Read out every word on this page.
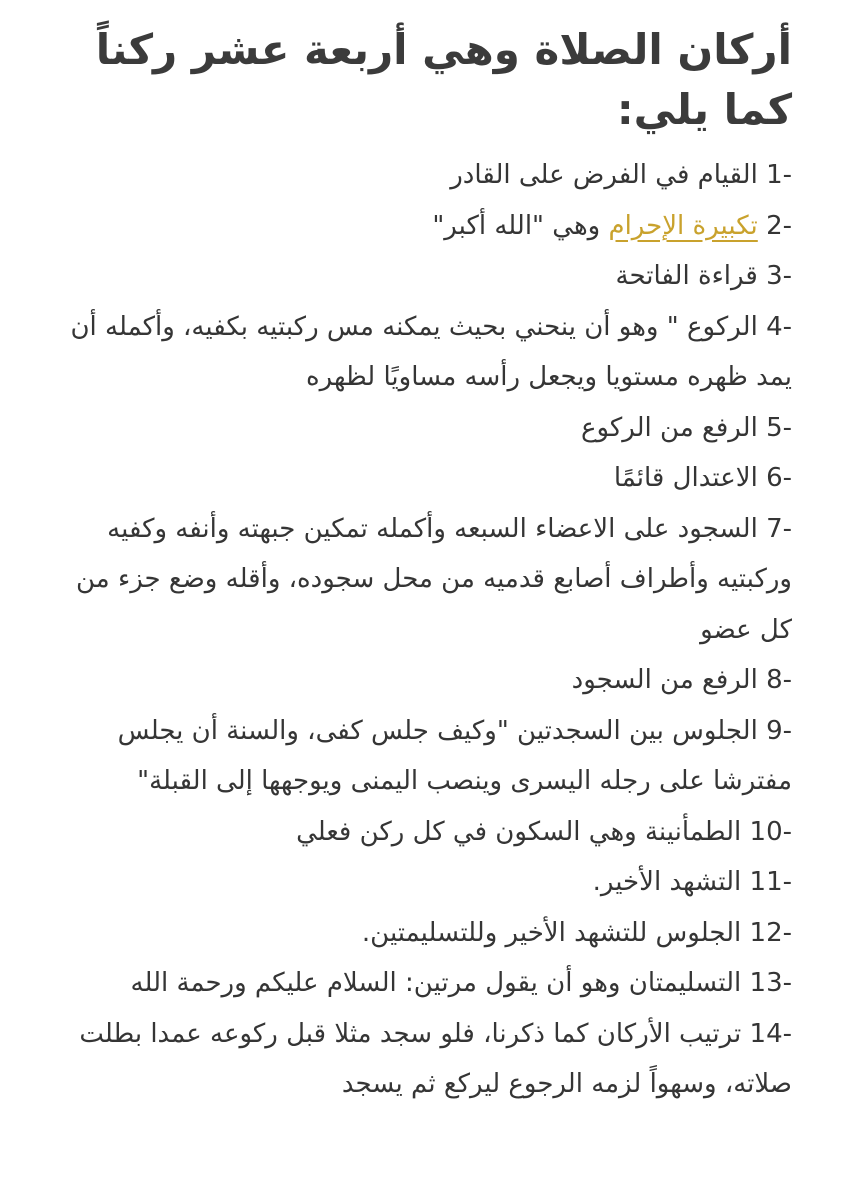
أركان الصلاة وهي أربعة عشر ركناً كما يلي:
1- القيام في الفرض على القادر
2- تكبيرة الإحرام وهي "الله أكبر"
3- قراءة الفاتحة
4- الركوع " وهو أن ينحني بحيث يمكنه مس ركبتيه بكفيه، وأكمله أن يمد ظهره مستويا ويجعل رأسه مساويًا لظهره
5- الرفع من الركوع
6- الاعتدال قائمًا
7- السجود على الاعضاء السبعه وأكمله تمكين جبهته وأنفه وكفيه وركبتيه وأطراف أصابع قدميه من محل سجوده، وأقله وضع جزء من كل عضو
8- الرفع من السجود
9- الجلوس بين السجدتين "وكيف جلس كفى، والسنة أن يجلس مفترشا على رجله اليسرى وينصب اليمنى ويوجهها إلى القبلة"
10- الطمأنينة وهي السكون في كل ركن فعلي
11- التشهد الأخير.
12- الجلوس للتشهد الأخير وللتسليمتين.
13- التسليمتان وهو أن يقول مرتين: السلام عليكم ورحمة الله
14- ترتيب الأركان كما ذكرنا، فلو سجد مثلا قبل ركوعه عمدا بطلت صلاته، وسهواً لزمه الرجوع ليركع ثم يسجد
